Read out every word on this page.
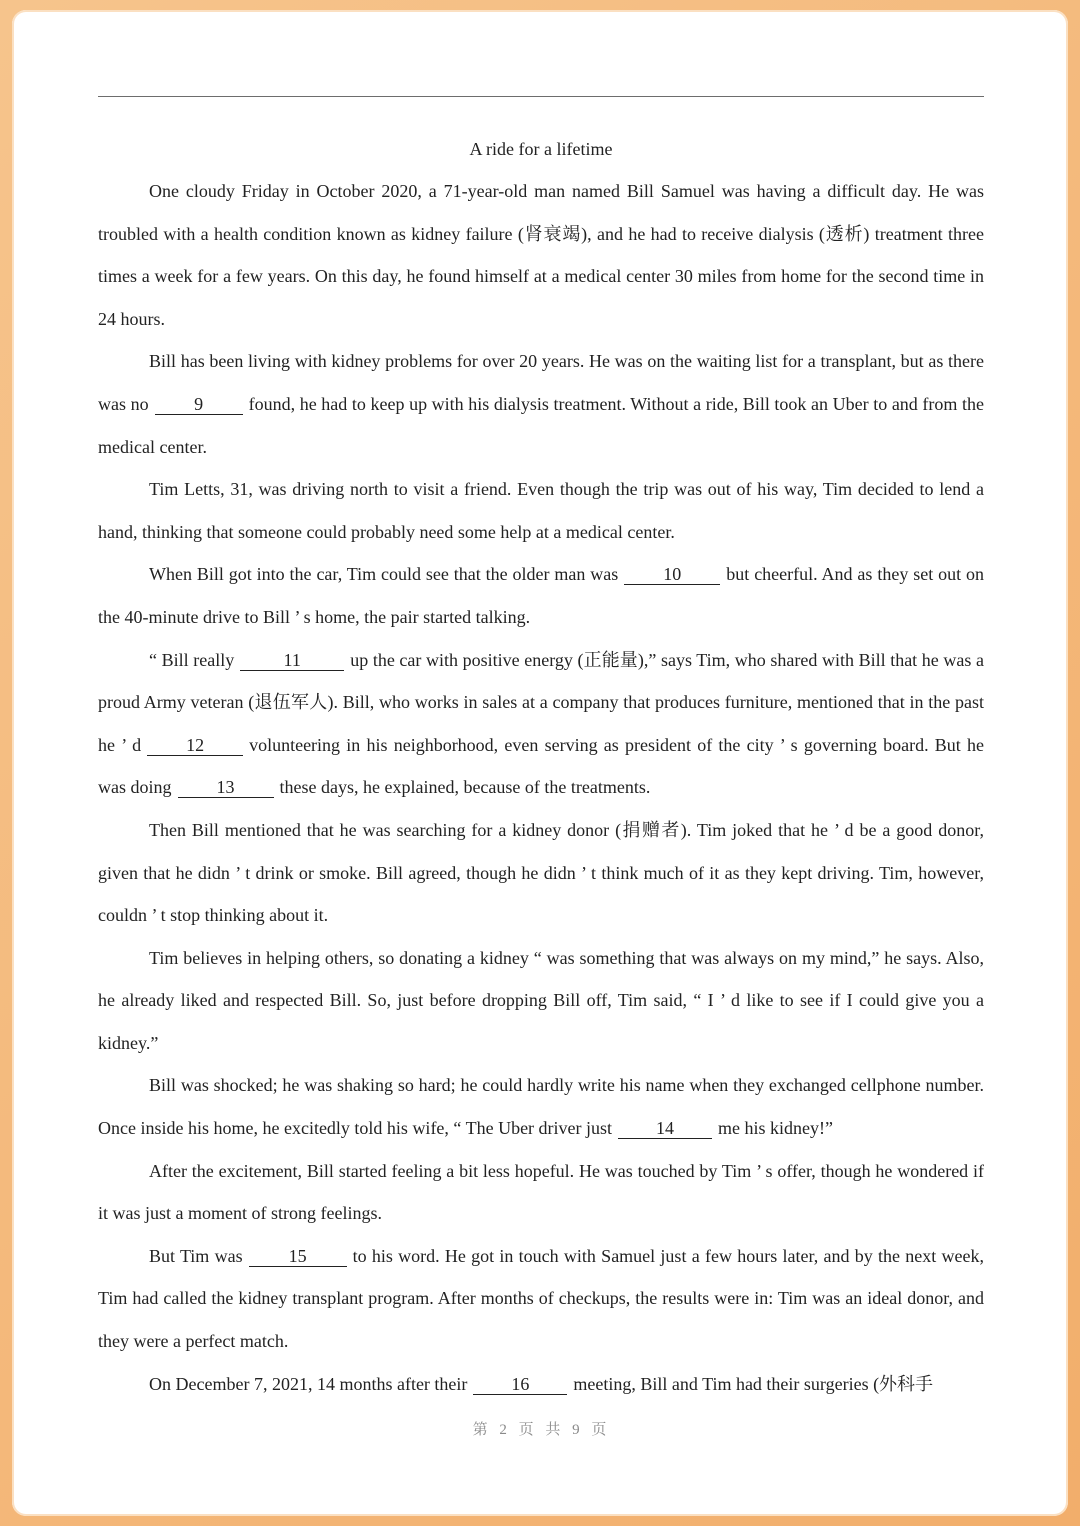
A ride for a lifetime

One cloudy Friday in October 2020, a 71-year-old man named Bill Samuel was having a difficult day. He was troubled with a health condition known as kidney failure (肾衰竭), and he had to receive dialysis (透析) treatment three times a week for a few years. On this day, he found himself at a medical center 30 miles from home for the second time in 24 hours.

Bill has been living with kidney problems for over 20 years. He was on the waiting list for a transplant, but as there was no	9	found, he had to keep up with his dialysis treatment. Without a ride, Bill took an Uber to and from the medical center.

Tim Letts, 31, was driving north to visit a friend. Even though the trip was out of his way, Tim decided to lend a hand, thinking that someone could probably need some help at a medical center.

When Bill got into the car, Tim could see that the older man was	10	but cheerful. And as they set out on the 40-minute drive to Bill ’ s home, the pair started talking.

“ Bill really	11	up the car with positive energy (正能量),” says Tim, who shared with Bill that he was a proud Army veteran (退伍军人). Bill, who works in sales at a company that produces furniture, mentioned that in the past he ’ d	12	volunteering in his neighborhood, even serving as president of the city ’ s governing board. But he was doing	13	these days, he explained, because of the treatments.

Then Bill mentioned that he was searching for a kidney donor (捐赠者). Tim joked that he ’ d be a good donor, given that he didn ’ t drink or smoke. Bill agreed, though he didn ’ t think much of it as they kept driving. Tim, however, couldn ’ t stop thinking about it.

Tim believes in helping others, so donating a kidney “ was something that was always on my mind,” he says. Also, he already liked and respected Bill. So, just before dropping Bill off, Tim said, “ I ’ d like to see if I could give you a kidney.”

Bill was shocked; he was shaking so hard; he could hardly write his name when they exchanged cellphone number. Once inside his home, he excitedly told his wife, “ The Uber driver just 14 me his kidney!”

After the excitement, Bill started feeling a bit less hopeful. He was touched by Tim ’ s offer, though he wondered if it was just a moment of strong feelings.

But Tim was	15	to his word. He got in touch with Samuel just a few hours later, and by the next week, Tim had called the kidney transplant program. After months of checkups, the results were in: Tim was an ideal donor, and they were a perfect match.

On December 7, 2021, 14 months after their 16 meeting, Bill and Tim had their surgeries (外科手

第 2 页 共 9 页
